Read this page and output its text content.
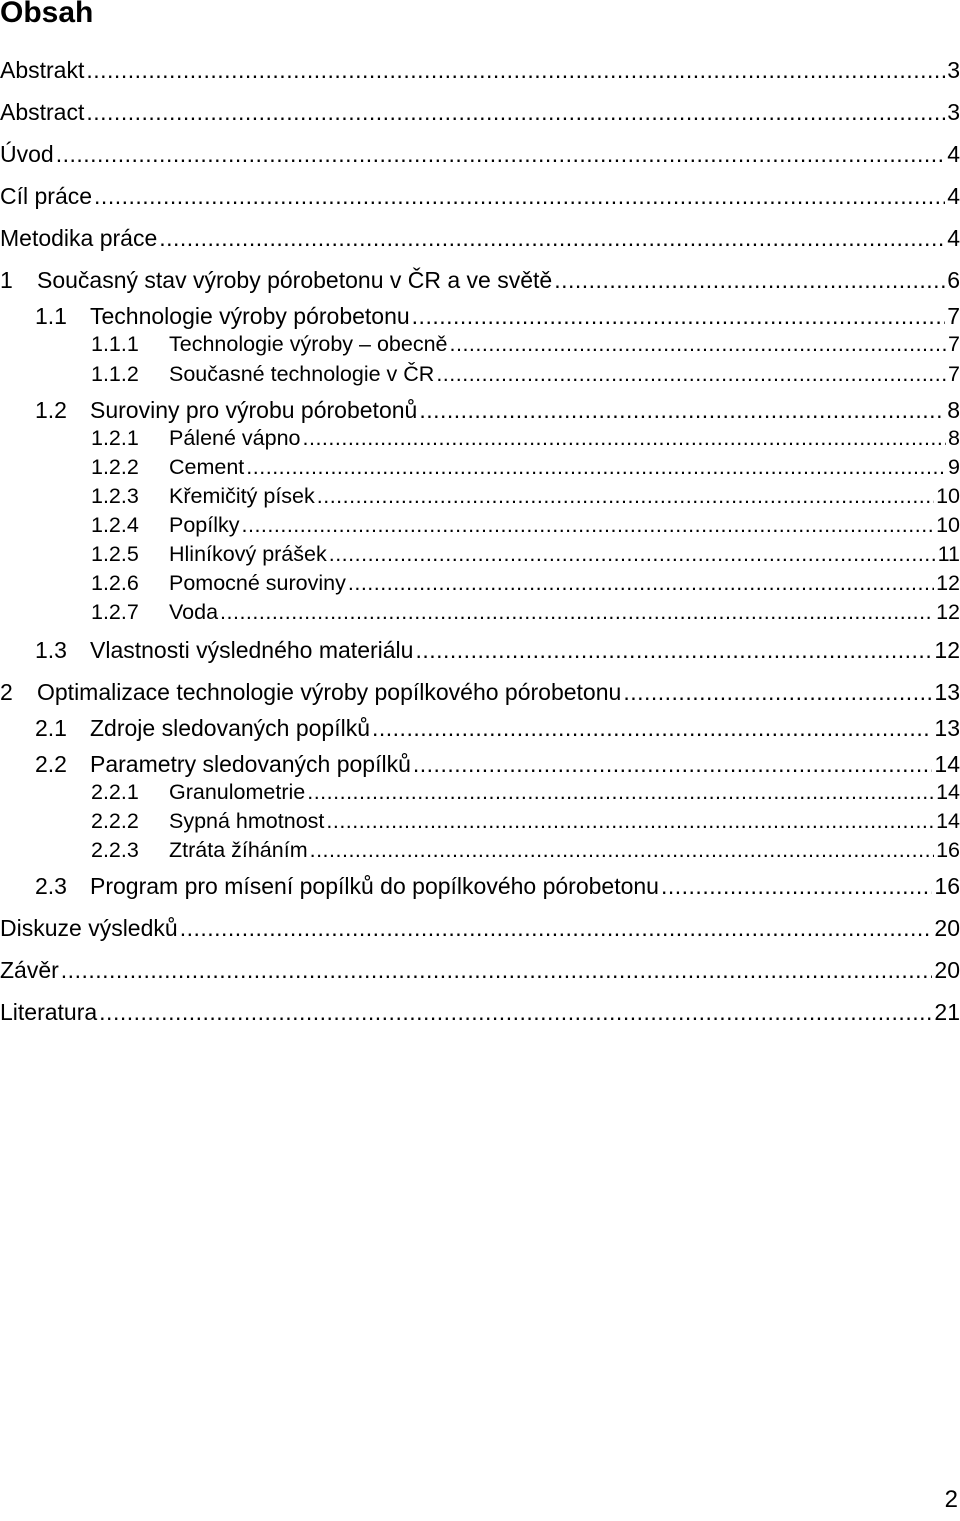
Obsah
Abstrakt .....	3
Abstract .....	3
Úvod .....	4
Cíl práce .....	4
Metodika práce .....	4
1	Současný stav výroby pórobetonu v ČR a ve světě .....	6
1.1	Technologie výroby pórobetonu .....	7
1.1.1	Technologie výroby – obecně .....	7
1.1.2	Současné technologie v ČR .....	7
1.2	Suroviny pro výrobu pórobetonů .....	8
1.2.1	Pálené vápno .....	8
1.2.2	Cement .....	9
1.2.3	Křemičitý písek .....	10
1.2.4	Popílky .....	10
1.2.5	Hliníkový prášek .....	11
1.2.6	Pomocné suroviny .....	12
1.2.7	Voda .....	12
1.3	Vlastnosti výsledného materiálu .....	12
2	Optimalizace technologie výroby popílkového pórobetonu .....	13
2.1	Zdroje sledovaných popílků .....	13
2.2	Parametry sledovaných popílků .....	14
2.2.1	Granulometrie .....	14
2.2.2	Sypná hmotnost .....	14
2.2.3	Ztráta žíháním .....	16
2.3	Program pro mísení popílků do popílkového pórobetonu .....	16
Diskuze výsledků .....	20
Závěr .....	20
Literatura .....	21
2
